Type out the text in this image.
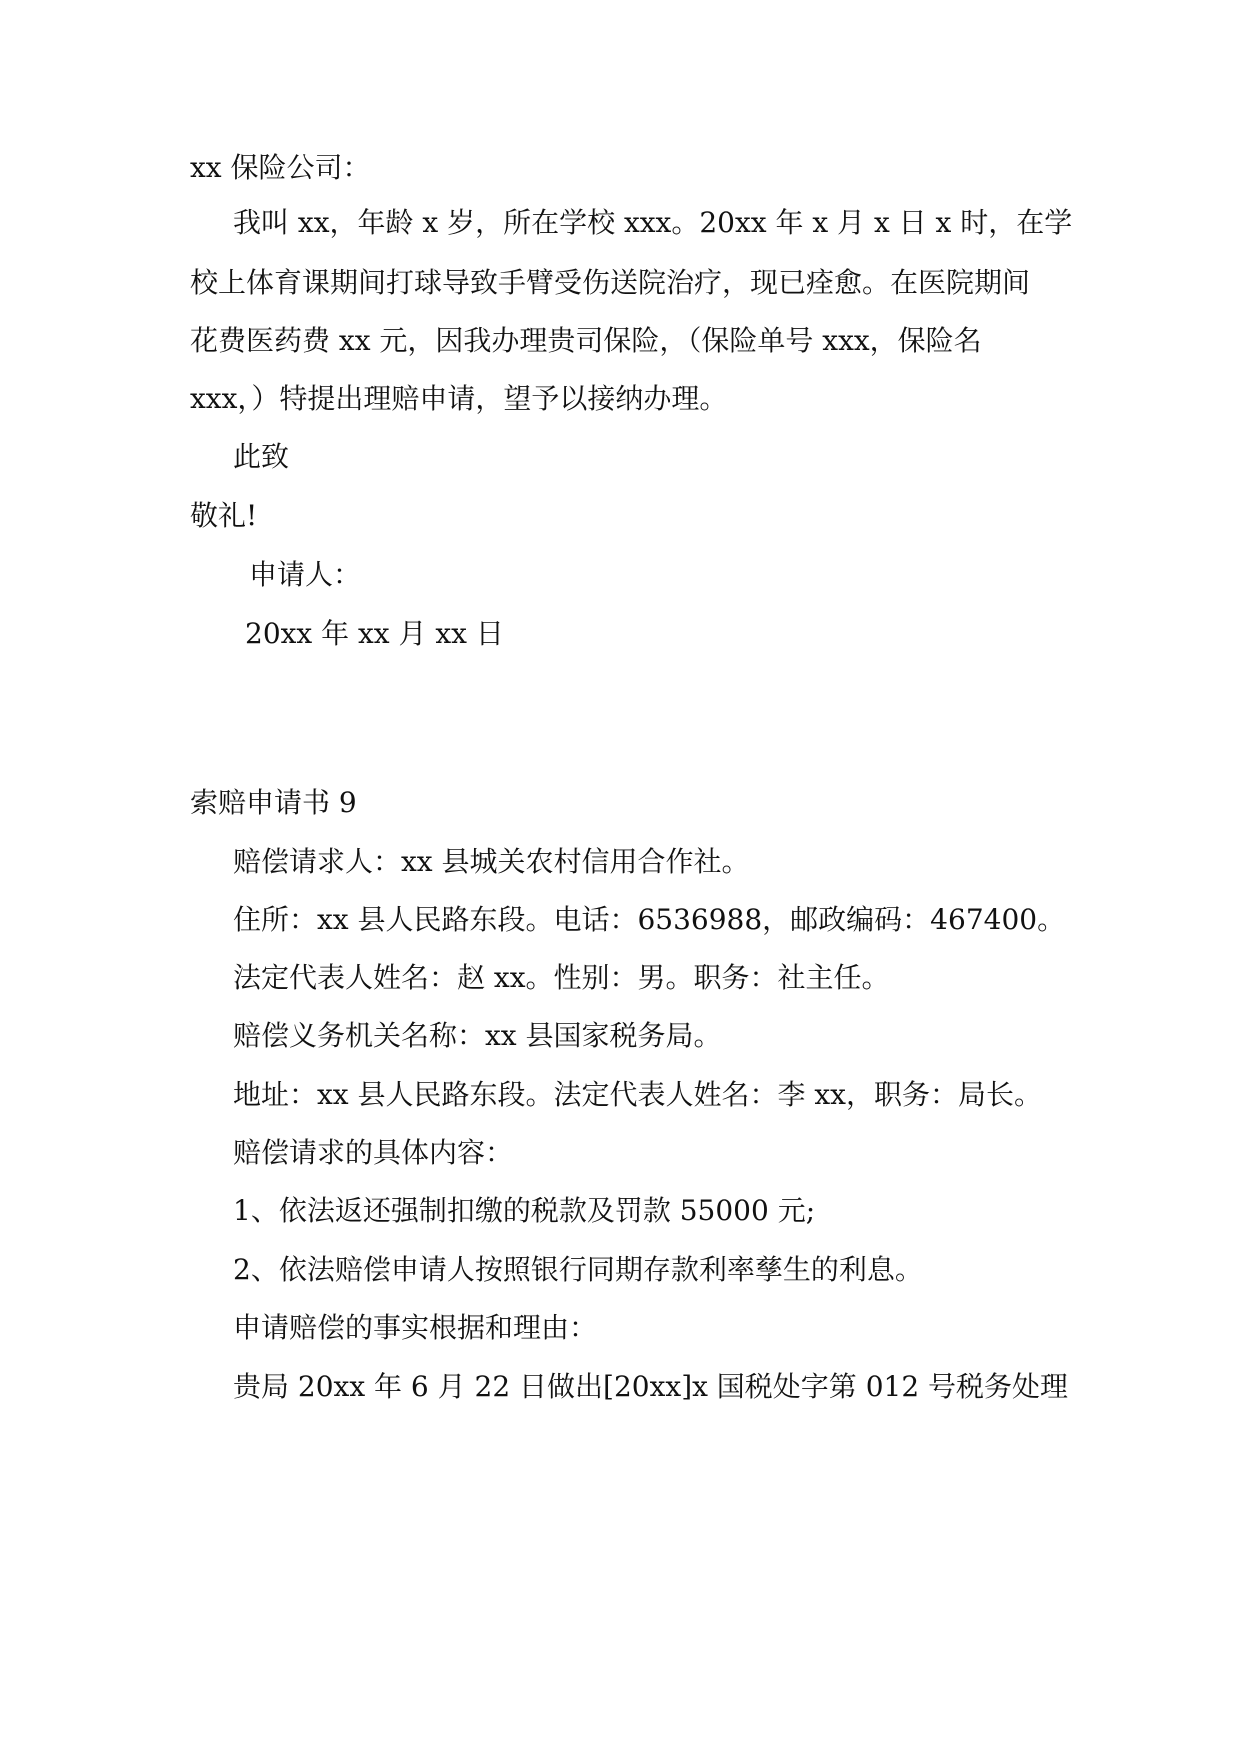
xx 保险公司：
我叫 xx，年龄 x 岁，所在学校 xxx。20xx 年 x 月 x 日 x 时，在学
校上体育课期间打球导致手臂受伤送院治疗，现已痊愈。在医院期间
花费医药费 xx 元，因我办理贵司保险，（保险单号 xxx，保险名
xxx，）特提出理赔申请，望予以接纳办理。
此致
敬礼!
申请人：
20xx 年 xx 月 xx 日
索赔申请书 9
赔偿请求人：xx 县城关农村信用合作社。
住所：xx 县人民路东段。电话：6536988，邮政编码：467400。
法定代表人姓名：赵 xx。性别：男。职务：社主任。
赔偿义务机关名称：xx 县国家税务局。
地址：xx 县人民路东段。法定代表人姓名：李 xx，职务：局长。
赔偿请求的具体内容：
1、依法返还强制扣缴的税款及罚款 55000 元;
2、依法赔偿申请人按照银行同期存款利率孳生的利息。
申请赔偿的事实根据和理由：
贵局 20xx 年 6 月 22 日做出[20xx]x 国税处字第 012 号税务处理
